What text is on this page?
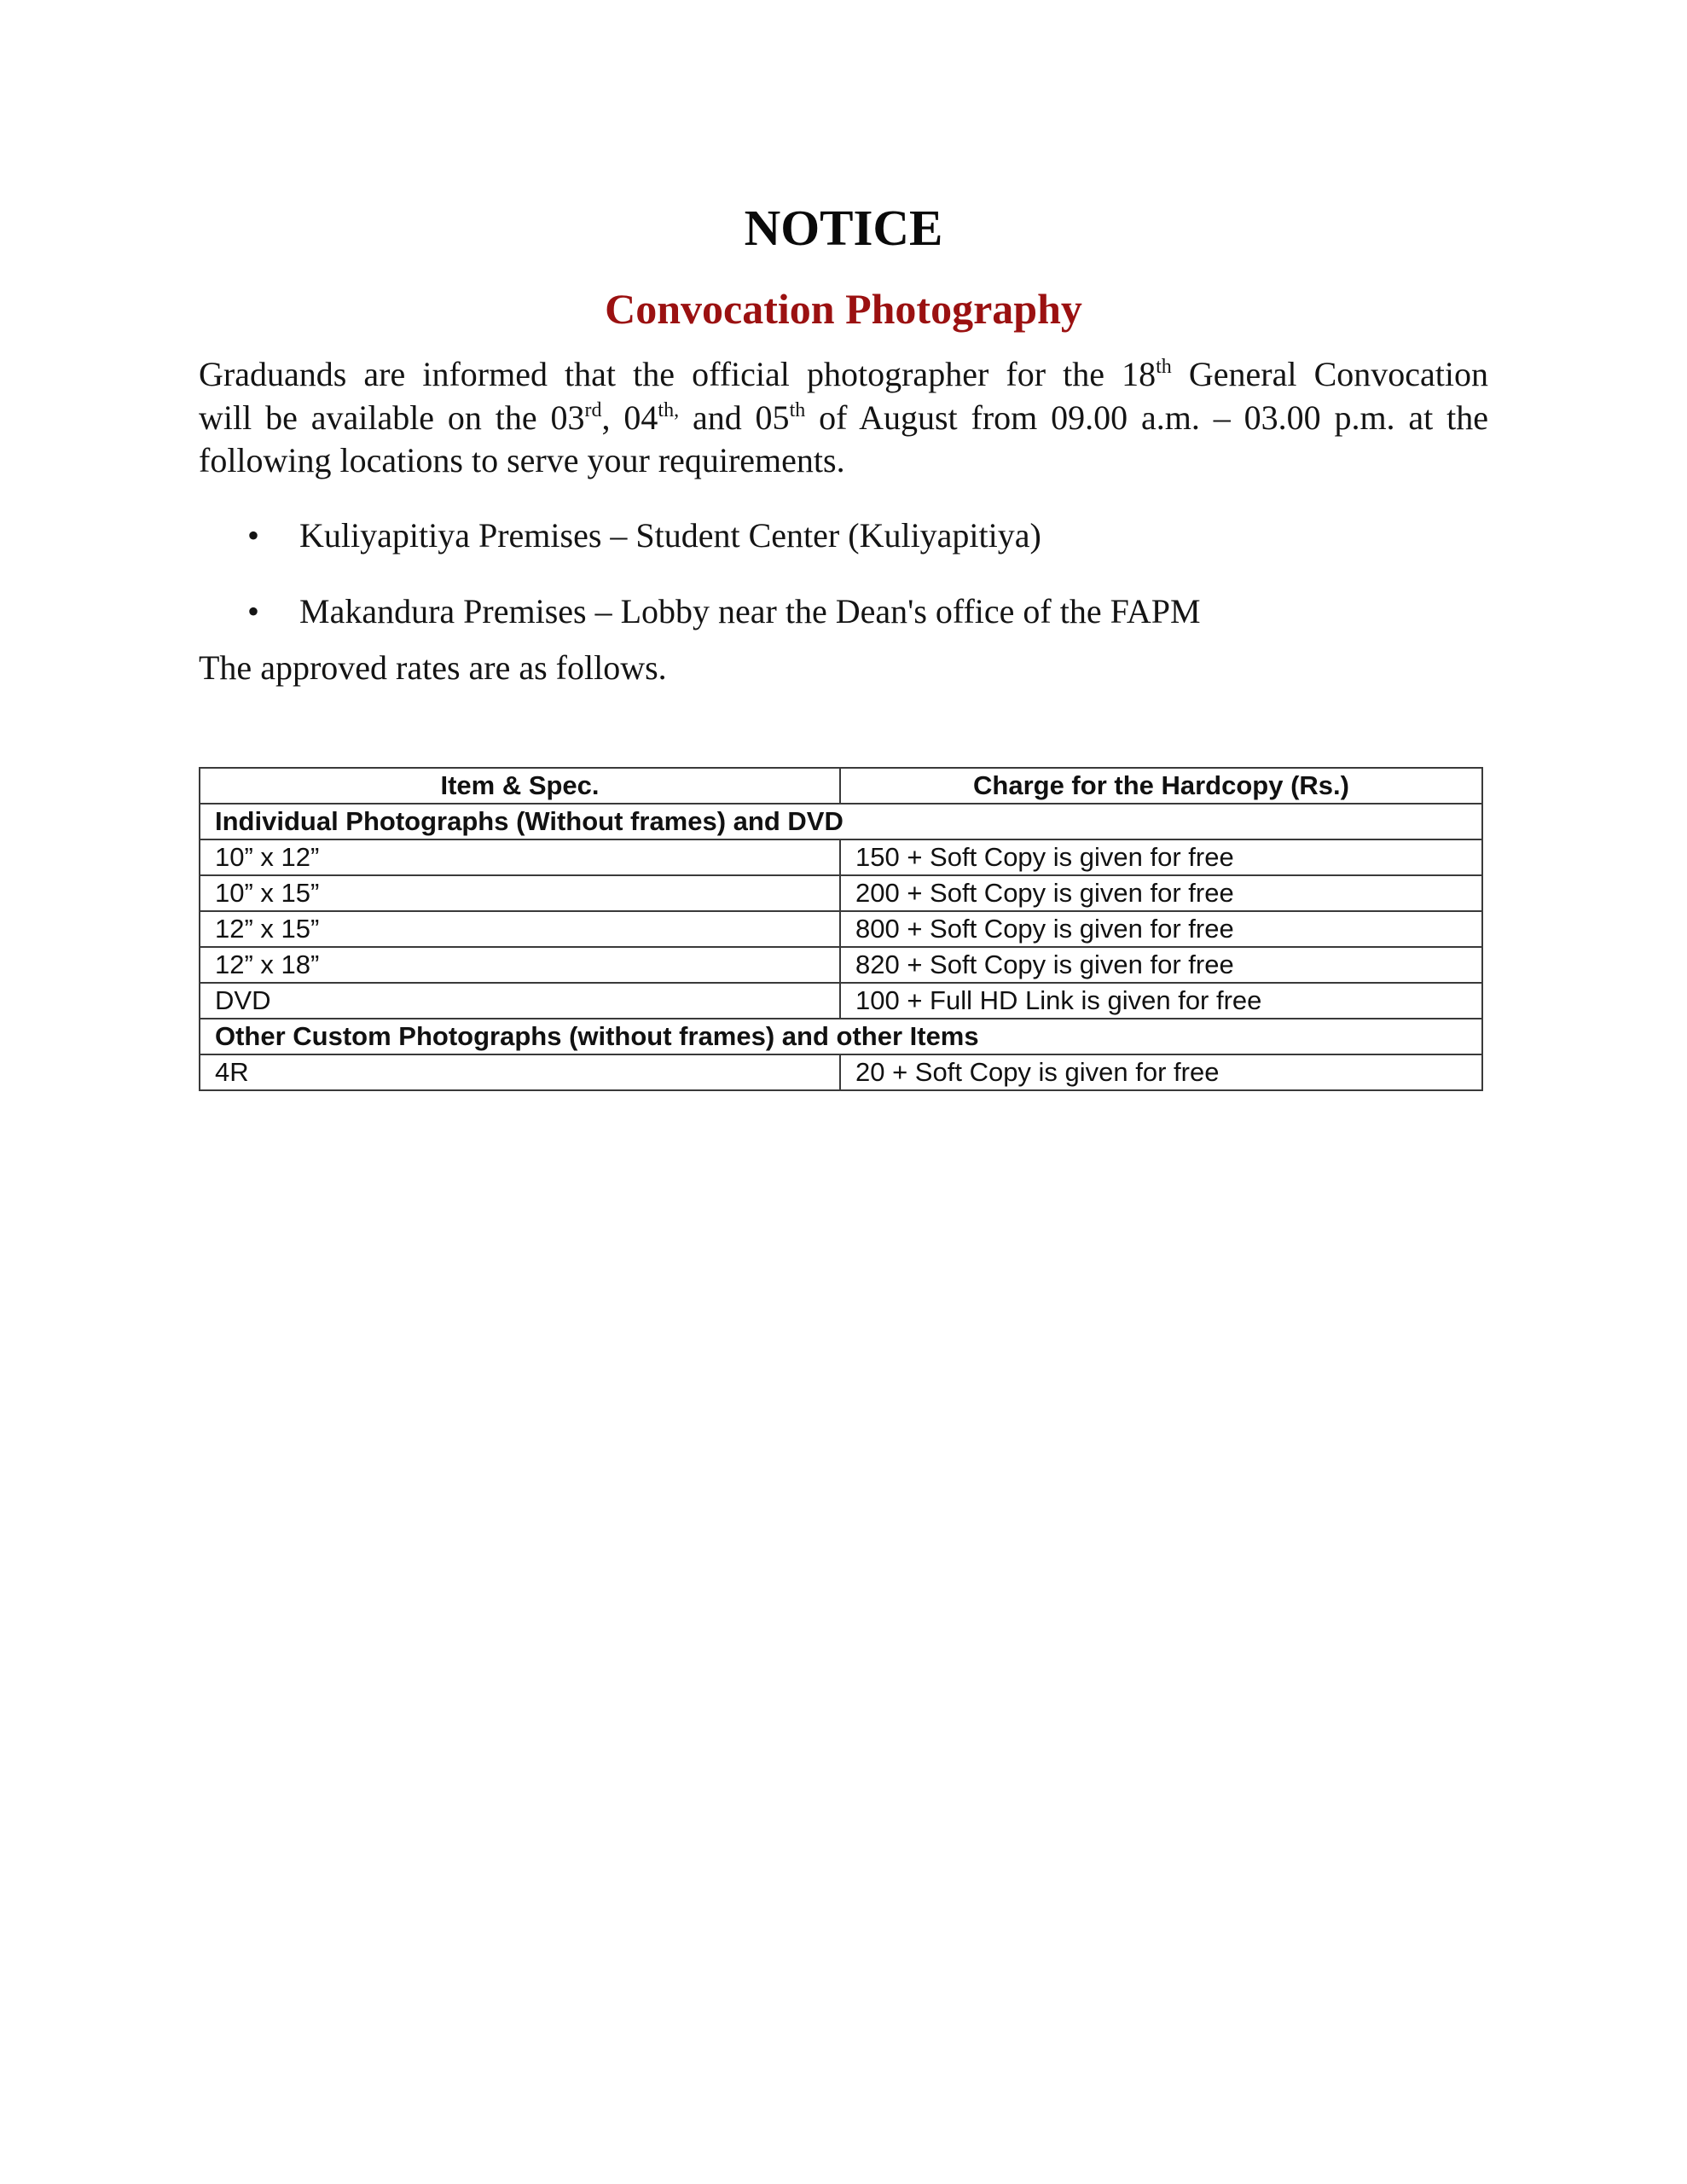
NOTICE
Convocation Photography
Graduands are informed that the official photographer for the 18th General Convocation
will be available on the 03rd, $04^{th,}$ and 05th of August from 09.00 a.m. – 03.00 p.m. at the
following locations to serve your requirements.
• Kuliyapitiya Premises – Student Center (Kuliyapitiya)
• Makandura Premises – Lobby near the Dean's office of the FAPM
The approved rates are as follows.
Item & Spec.	Charge for the Hardcopy (Rs.)
Individual Photographs (Without frames) and DVD	
10” x 12”	150 + Soft Copy is given for free
10” x 15”	200 + Soft Copy is given for free
12” x 15”	800 + Soft Copy is given for free
12” x 18”	820 + Soft Copy is given for free
DVD	100 + Full HD Link is given for free
Other Custom Photographs (without frames) and other Items	
4R	20 + Soft Copy is given for free
